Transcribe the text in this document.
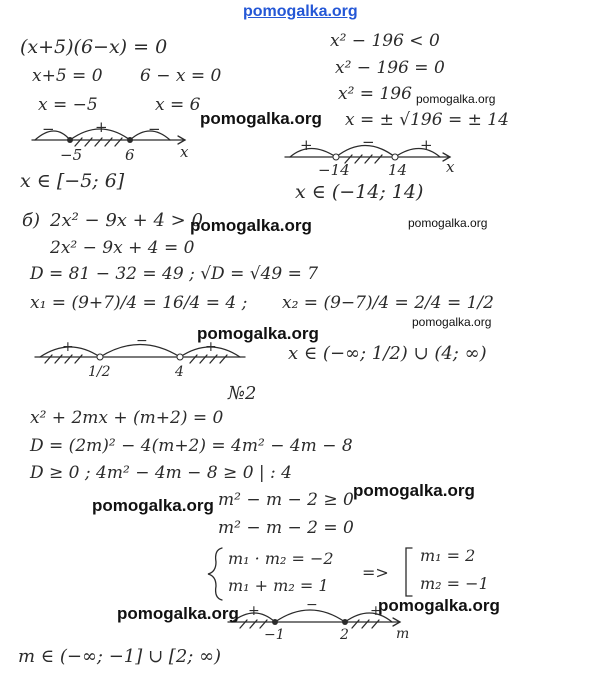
pomogalka.org
(x+5)(6−x) = 0
x+5 = 0 6 − x = 0
x = −5	x = 6
−	+	−
−5	6	x
x ∈ [−5; 6]
x² − 196 < 0
x² − 196 = 0
x² = 196
x = ± √196 = ± 14
+	−	+
−14	14	x
x ∈ (−14; 14)
б) 2x² − 9x + 4 > 0
2x² − 9x + 4 = 0
D = 81 − 32 = 49 ; √D = √49 = 7
x₁ = (9+7)/4 = 16/4 = 4 ; x₂ = (9−7)/4 = 2/4 = 1/2
+	−	+
1/2	4
x ∈ (−∞; 1/2) ∪ (4; ∞)
№2
x² + 2mx + (m+2) = 0
D = (2m)² − 4(m+2) = 4m² − 4m − 8
D ≥ 0 ; 4m² − 4m − 8 ≥ 0 | : 4
m² − m − 2 ≥ 0
m² − m − 2 = 0
m₁ · m₂ = −2
m₁ + m₂ = 1
=>
m₁ = 2
m₂ = −1
+	−	+
−1	2	m
m ∈ (−∞; −1] ∪ [2; ∞)
pomogalka.org
pomogalka.org
pomogalka.org	pomogalka.org
pomogalka.org
pomogalka.org
pomogalka.org
pomogalka.org
pomogalka.org	pomogalka.org
